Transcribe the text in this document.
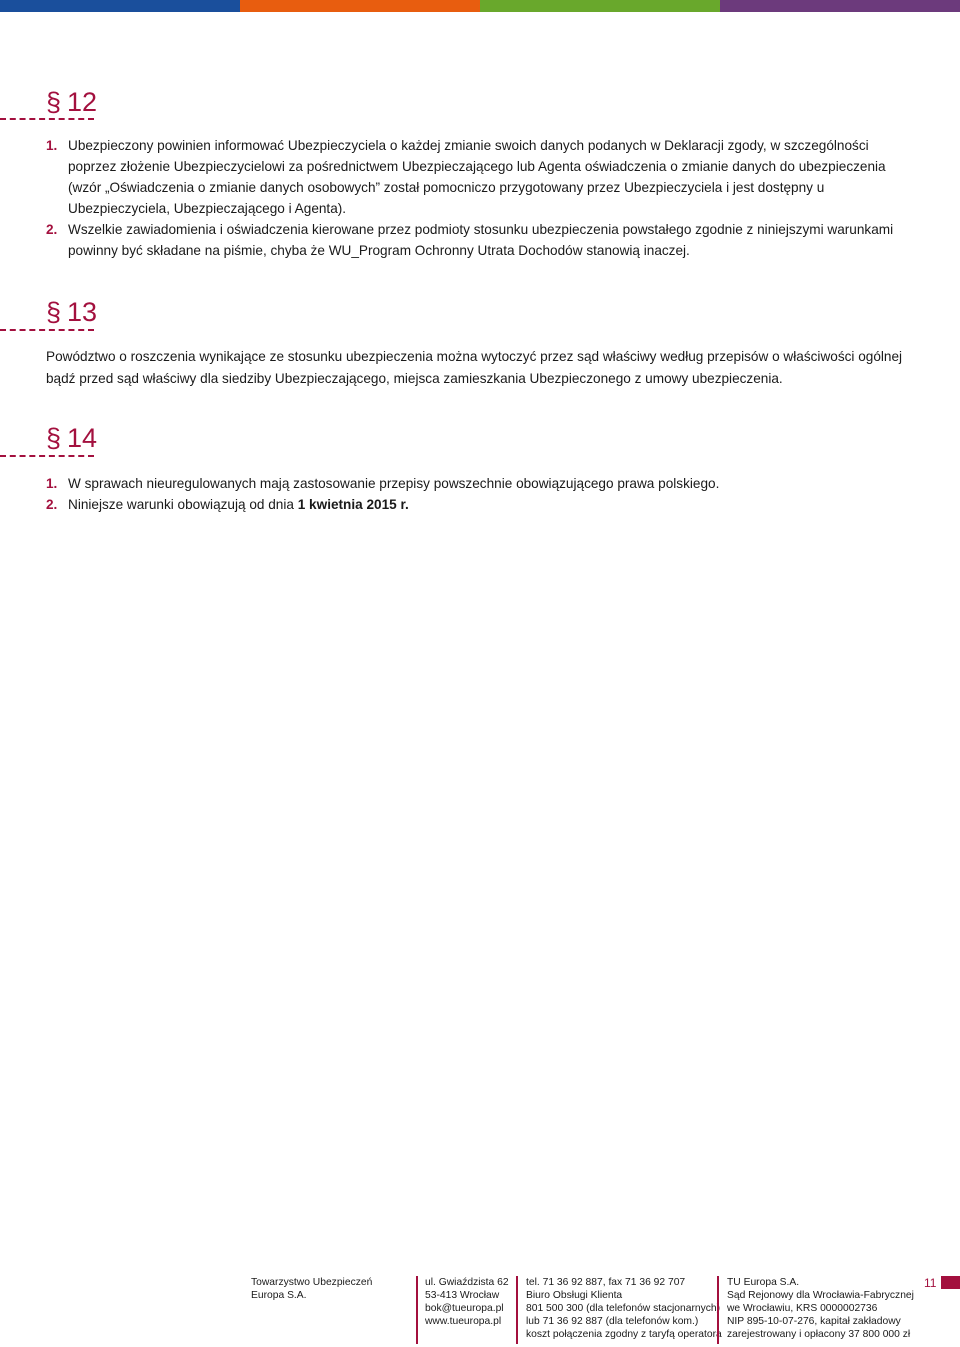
§ 12
1. Ubezpieczony powinien informować Ubezpieczyciela o każdej zmianie swoich danych podanych w Deklaracji zgody, w szczególności poprzez złożenie Ubezpieczycielowi za pośrednictwem Ubezpieczającego lub Agenta oświadczenia o zmianie danych do ubezpieczenia (wzór „Oświadczenia o zmianie danych osobowych” został pomocniczo przygotowany przez Ubezpieczyciela i jest dostępny u Ubezpieczyciela, Ubezpieczającego i Agenta).
2. Wszelkie zawiadomienia i oświadczenia kierowane przez podmioty stosunku ubezpieczenia powstałego zgodnie z niniejszymi warunkami powinny być składane na piśmie, chyba że WU_Program Ochronny Utrata Dochodów stanowią inaczej.
§ 13
Powództwo o roszczenia wynikające ze stosunku ubezpieczenia można wytoczyć przez sąd właściwy według przepisów o właściwości ogólnej bądź przed sąd właściwy dla siedziby Ubezpieczającego, miejsca zamieszkania Ubezpieczonego z umowy ubezpieczenia.
§ 14
1. W sprawach nieuregulowanych mają zastosowanie przepisy powszechnie obowiązującego prawa polskiego.
2. Niniejsze warunki obowiązują od dnia 1 kwietnia 2015 r.
Towarzystwo Ubezpieczeń
Europa S.A.
ul. Gwiaździsta 62
53-413 Wrocław
bok@tueuropa.pl
www.tueuropa.pl
tel. 71 36 92 887, fax 71 36 92 707
Biuro Obsługi Klienta
801 500 300 (dla telefonów stacjonarnych)
lub 71 36 92 887 (dla telefonów kom.)
koszt połączenia zgodny z taryfą operatora
TU Europa S.A.
Sąd Rejonowy dla Wrocławia-Fabrycznej
we Wrocławiu, KRS 0000002736
NIP 895-10-07-276, kapitał zakładowy
zarejestrowany i opłacony 37 800 000 zł
11
